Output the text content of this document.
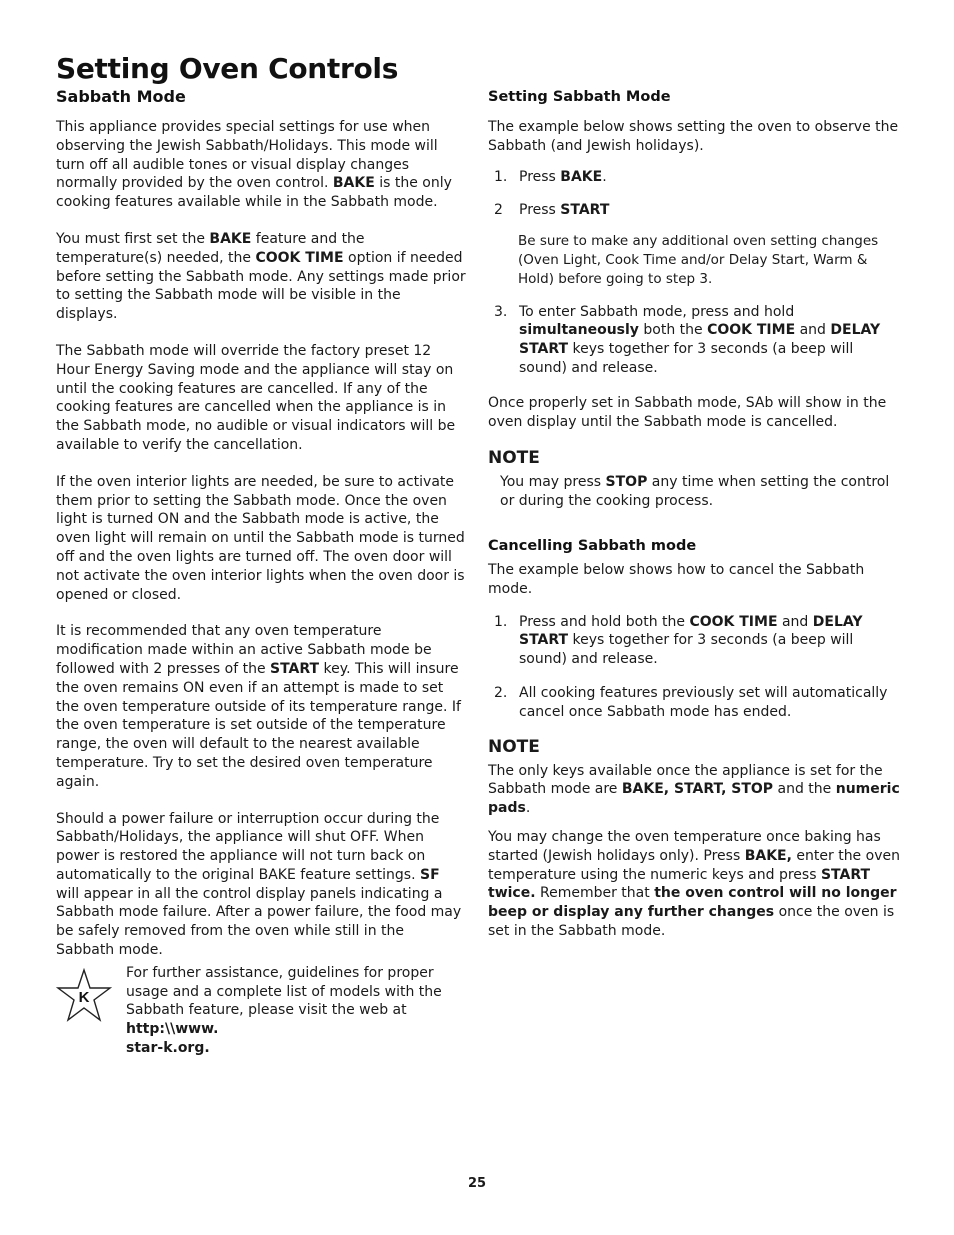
Setting Oven Controls
Sabbath Mode

This appliance provides special settings for use when observing the Jewish Sabbath/Holidays. This mode will turn off all audible tones or visual display changes normally provided by the oven control. BAKE is the only cooking features available while in the Sabbath mode.

You must first set the BAKE feature and the temperature(s) needed, the COOK TIME option if needed before setting the Sabbath mode. Any settings made prior to setting the Sabbath mode will be visible in the displays.

The Sabbath mode will override the factory preset 12 Hour Energy Saving mode and the appliance will stay on until the cooking features are cancelled. If any of the cooking features are cancelled when the appliance is in the Sabbath mode, no audible or visual indicators will be available to verify the cancellation.

If the oven interior lights are needed, be sure to activate them prior to setting the Sabbath mode. Once the oven light is turned ON and the Sabbath mode is active, the oven light will remain on until the Sabbath mode is turned off and the oven lights are turned off. The oven door will not activate the oven interior lights when the oven door is opened or closed.

It is recommended that any oven temperature modification made within an active Sabbath mode be followed with 2 presses of the START key. This will insure the oven remains ON even if an attempt is made to set the oven temperature outside of its temperature range. If the oven temperature is set outside of the temperature range, the oven will default to the nearest available temperature. Try to set the desired oven temperature again.

Should a power failure or interruption occur during the Sabbath/Holidays, the appliance will shut OFF. When power is restored the appliance will not turn back on automatically to the original BAKE feature settings. SF will appear in all the control display panels indicating a Sabbath mode failure. After a power failure, the food may be safely removed from the oven while still in the Sabbath mode.

K
For further assistance, guidelines for proper usage and a complete list of models with the Sabbath feature, please visit the web at http:\\www.
star-k.org.
Setting Sabbath Mode

The example below shows setting the oven to observe the Sabbath (and Jewish holidays).

1. Press BAKE.
2 Press START

Be sure to make any additional oven setting changes (Oven Light, Cook Time and/or Delay Start, Warm & Hold) before going to step 3.

3. To enter Sabbath mode, press and hold simultaneously both the COOK TIME and DELAY START keys together for 3 seconds (a beep will sound) and release.

Once properly set in Sabbath mode, SAb will show in the oven display until the Sabbath mode is cancelled.

NOTE

You may press STOP any time when setting the control or during the cooking process.

Cancelling Sabbath mode

The example below shows how to cancel the Sabbath mode.

1. Press and hold both the COOK TIME and DELAY START keys together for 3 seconds (a beep will sound) and release.
2. All cooking features previously set will automatically cancel once Sabbath mode has ended.
NOTE

The only keys available once the appliance is set for the Sabbath mode are BAKE, START, STOP and the numeric pads.

You may change the oven temperature once baking has started (Jewish holidays only). Press BAKE, enter the oven temperature using the numeric keys and press START twice. Remember that the oven control will no longer beep or display any further changes once the oven is set in the Sabbath mode.

25
